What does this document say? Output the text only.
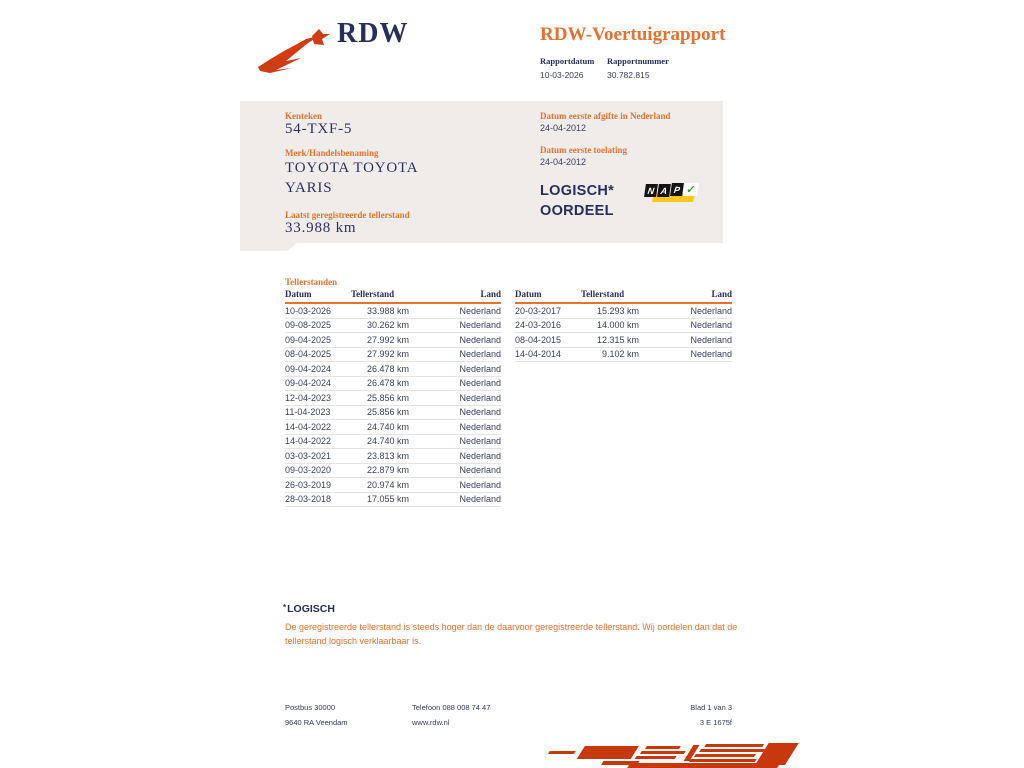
RDW	RDW-Voertuigrapport
Rapportdatum
10-03-2026
Rapportnummer
30.782.815
Kenteken
54-TXF-5
Merk/Handelsbenaming
TOYOTA TOYOTA YARIS
Laatst geregistreerde tellerstand
33.988 km
Datum eerste afgifte in Nederland
24-04-2012
Datum eerste toelating
24-04-2012
LOGISCH*
OORDEEL
N A P ✓
Tellerstanden
Datum	Tellerstand	Land
10-03-2026	33.988 km	Nederland
09-08-2025	30.262 km	Nederland
09-04-2025	27.992 km	Nederland
08-04-2025	27.992 km	Nederland
09-04-2024	26.478 km	Nederland
09-04-2024	26.478 km	Nederland
12-04-2023	25.856 km	Nederland
11-04-2023	25.856 km	Nederland
14-04-2022	24.740 km	Nederland
14-04-2022	24.740 km	Nederland
03-03-2021	23.813 km	Nederland
09-03-2020	22.879 km	Nederland
26-03-2019	20.974 km	Nederland
28-03-2018	17.055 km	Nederland
Datum	Tellerstand	Land
20-03-2017	15.293 km	Nederland
24-03-2016	14.000 km	Nederland
08-04-2015	12.315 km	Nederland
14-04-2014	9.102 km	Nederland
*LOGISCH
De geregistreerde tellerstand is steeds hoger dan de daarvoor geregistreerde tellerstand. Wij oordelen dan dat de tellerstand logisch verklaarbaar is.
Postbus 30000
9640 RA Veendam
Telefoon 088 008 74 47
www.rdw.nl
Blad 1 van 3
3 E 1675f
